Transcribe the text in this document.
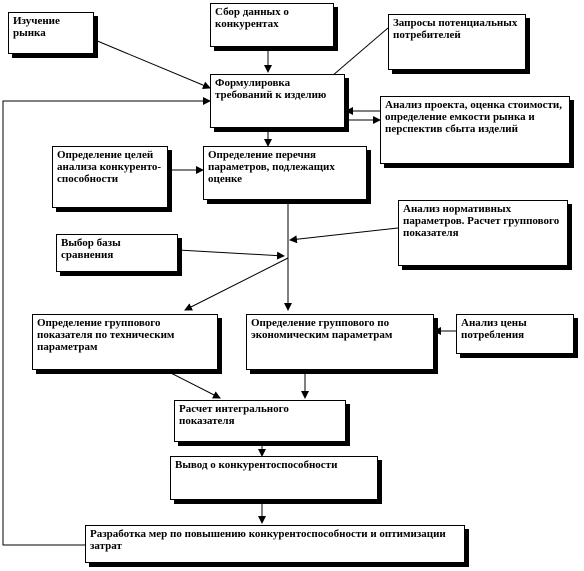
Изучение рынка
Сбор данных о конкурентах	Запросы потенциальных потребителей
Формулировка требований к изделию
Анализ проекта, оценка стоимости, определение емкости рынка и перспектив сбыта изделий
Определение целей анализа конкуренто-способности
Определение перечня параметров, подлежащих оценке
Анализ нормативных параметров. Расчет группового показателя
Выбор базы сравнения
Определение группового показателя по техническим параметрам
Определение группового по экономическим параметрам
Анализ цены потребления
Расчет интегрального показателя
Вывод о конкурентоспособности
Разработка мер по повышению конкурентоспособности и оптимизации затрат
